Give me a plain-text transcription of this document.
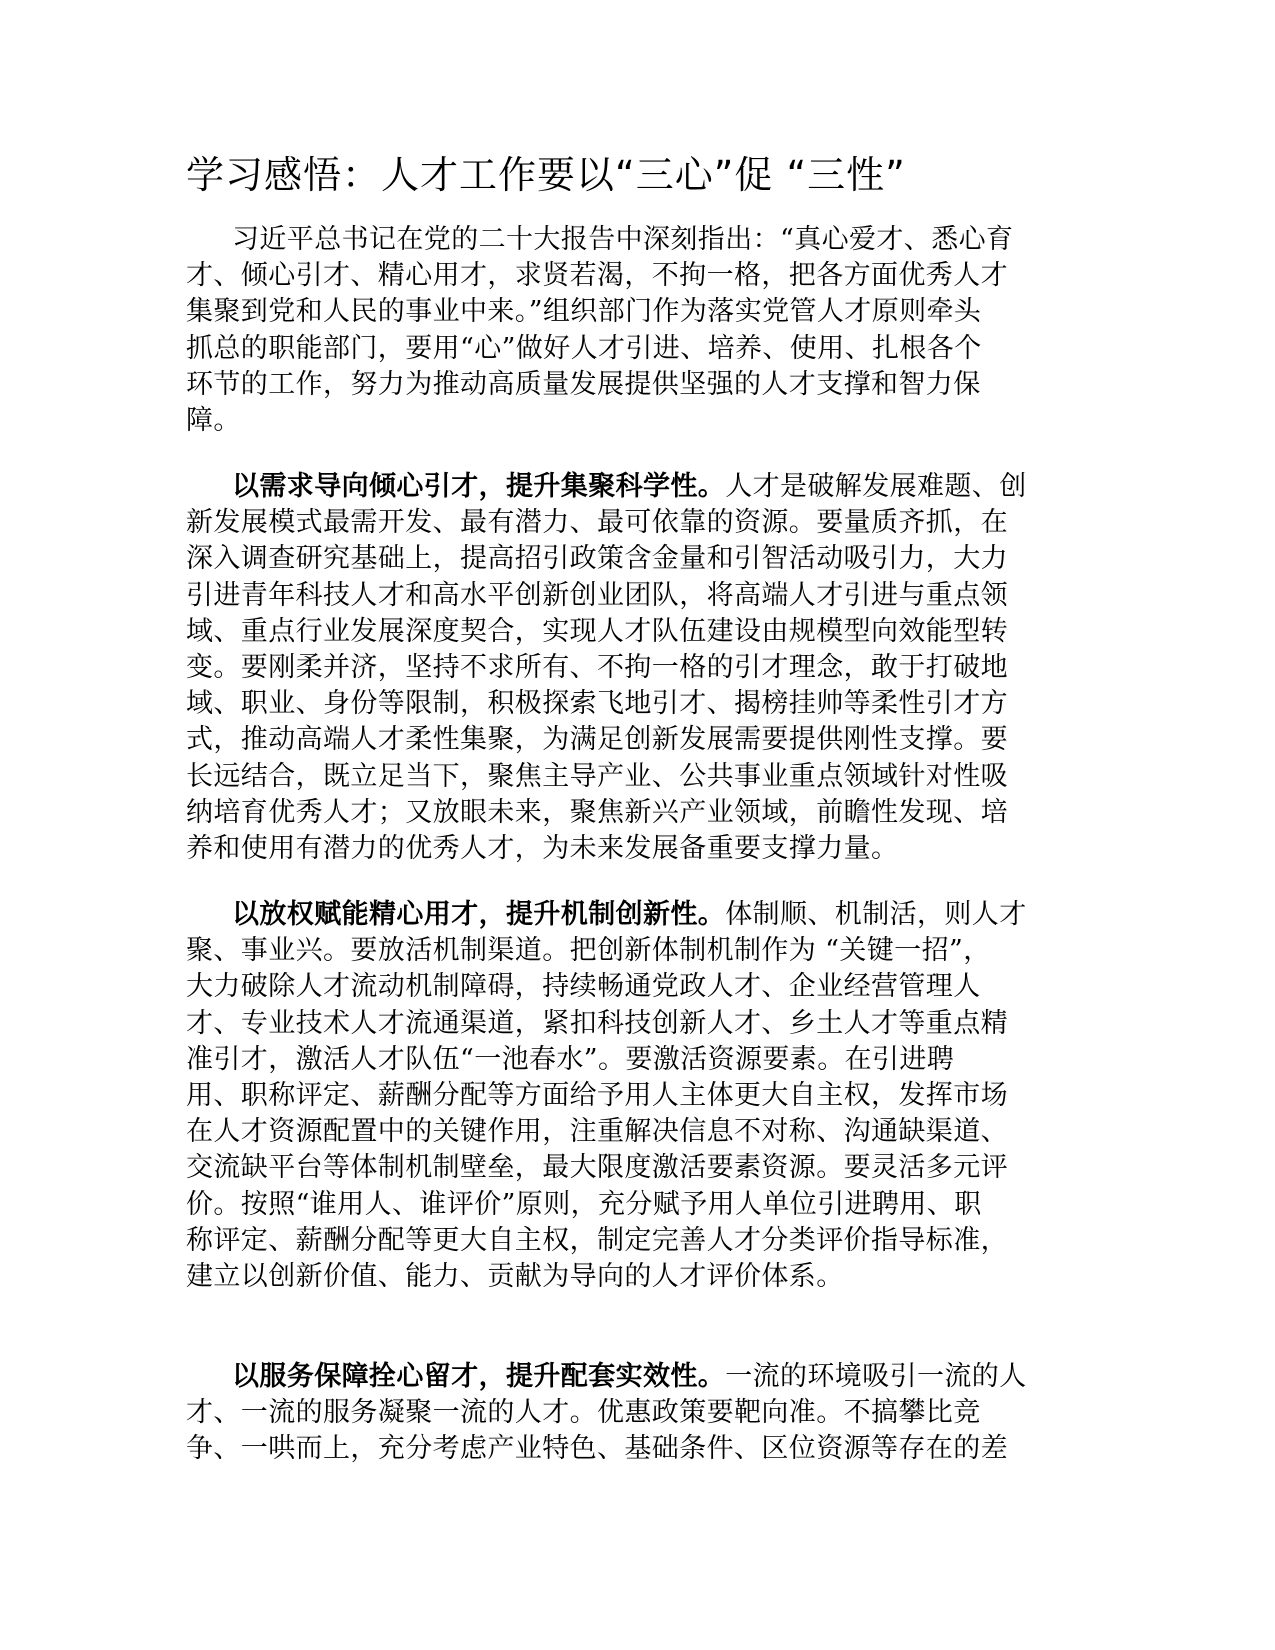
学习感悟：人才工作要以“三心”促 “三性”

习近平总书记在党的二十大报告中深刻指出：“真心爱才、悉心育
才、倾心引才、精心用才，求贤若渴，不拘一格，把各方面优秀人才
集聚到党和人民的事业中来。”组织部门作为落实党管人才原则牵头
抓总的职能部门，要用“心”做好人才引进、培养、使用、扎根各个
环节的工作，努力为推动高质量发展提供坚强的人才支撑和智力保
障。

以需求导向倾心引才，提升集聚科学性。人才是破解发展难题、创
新发展模式最需开发、最有潜力、最可依靠的资源。要量质齐抓，在
深入调查研究基础上，提高招引政策含金量和引智活动吸引力，大力
引进青年科技人才和高水平创新创业团队，将高端人才引进与重点领
域、重点行业发展深度契合，实现人才队伍建设由规模型向效能型转
变。要刚柔并济，坚持不求所有、不拘一格的引才理念，敢于打破地
域、职业、身份等限制，积极探索飞地引才、揭榜挂帅等柔性引才方
式，推动高端人才柔性集聚，为满足创新发展需要提供刚性支撑。要
长远结合，既立足当下，聚焦主导产业、公共事业重点领域针对性吸
纳培育优秀人才；又放眼未来，聚焦新兴产业领域，前瞻性发现、培
养和使用有潜力的优秀人才，为未来发展备重要支撑力量。

以放权赋能精心用才，提升机制创新性。体制顺、机制活，则人才
聚、事业兴。要放活机制渠道。把创新体制机制作为 “关键一招”，
大力破除人才流动机制障碍，持续畅通党政人才、企业经营管理人
才、专业技术人才流通渠道，紧扣科技创新人才、乡土人才等重点精
准引才，激活人才队伍“一池春水”。要激活资源要素。在引进聘
用、职称评定、薪酬分配等方面给予用人主体更大自主权，发挥市场
在人才资源配置中的关键作用，注重解决信息不对称、沟通缺渠道、
交流缺平台等体制机制壁垒，最大限度激活要素资源。要灵活多元评
价。按照“谁用人、谁评价”原则，充分赋予用人单位引进聘用、职
称评定、薪酬分配等更大自主权，制定完善人才分类评价指导标准，
建立以创新价值、能力、贡献为导向的人才评价体系。

以服务保障拴心留才，提升配套实效性。一流的环境吸引一流的人
才、一流的服务凝聚一流的人才。优惠政策要靶向准。不搞攀比竞
争、一哄而上，充分考虑产业特色、基础条件、区位资源等存在的差
